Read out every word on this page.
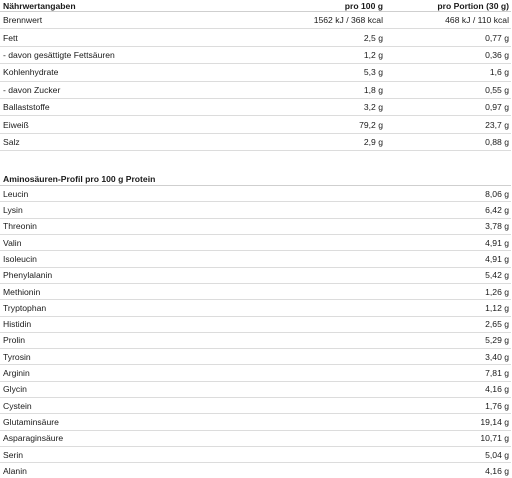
Nährwertangaben	pro 100 g	pro Portion (30 g)
Brennwert	1562 kJ / 368 kcal	468 kJ / 110 kcal
Fett	2,5 g	0,77 g
- davon gesättigte Fettsäuren	1,2 g	0,36 g
Kohlenhydrate	5,3 g	1,6 g
- davon Zucker	1,8 g	0,55 g
Ballaststoffe	3,2 g	0,97 g
Eiweiß	79,2 g	23,7 g
Salz	2,9 g	0,88 g
Aminosäuren-Profil pro 100 g Protein	
Leucin	8,06 g
Lysin	6,42 g
Threonin	3,78 g
Valin	4,91 g
Isoleucin	4,91 g
Phenylalanin	5,42 g
Methionin	1,26 g
Tryptophan	1,12 g
Histidin	2,65 g
Prolin	5,29 g
Tyrosin	3,40 g
Arginin	7,81 g
Glycin	4,16 g
Cystein	1,76 g
Glutaminsäure	19,14 g
Asparaginsäure	10,71 g
Serin	5,04 g
Alanin	4,16 g
